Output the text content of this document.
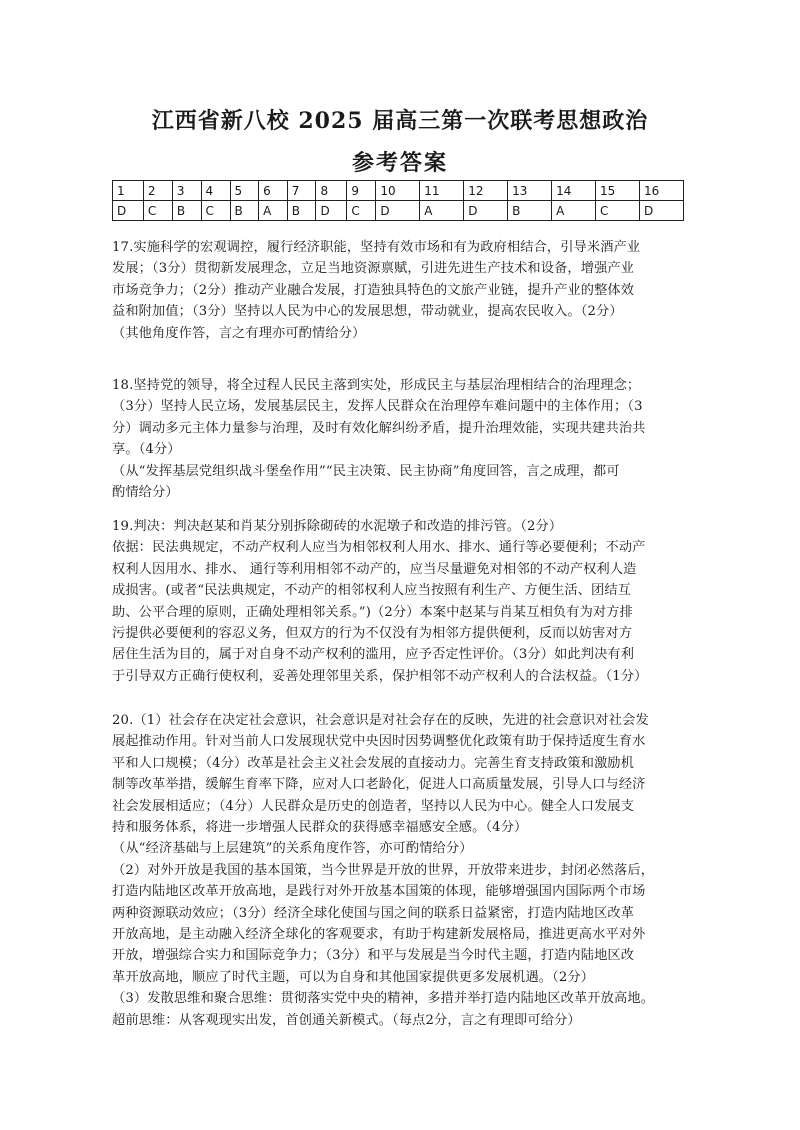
江西省新八校 2025 届高三第一次联考思想政治
参考答案
1	2	3	4	5	6	7	8	9	10	11	12	13	14	15	16
D	C	B	C	B	A	B	D	C	D	A	D	B	A	C	D

17.实施科学的宏观调控，履行经济职能，坚持有效市场和有为政府相结合，引导米酒产业

发展；（3分）贯彻新发展理念，立足当地资源禀赋，引进先进生产技术和设备，增强产业

市场竞争力；（2分）推动产业融合发展，打造独具特色的文旅产业链，提升产业的整体效

益和附加值；（3分）坚持以人民为中心的发展思想，带动就业，提高农民收入。（2分）

（其他角度作答，言之有理亦可酌情给分）

18.坚持党的领导，将全过程人民民主落到实处，形成民主与基层治理相结合的治理理念；

（3分）坚持人民立场，发展基层民主，发挥人民群众在治理停车难问题中的主体作用；（3

分）调动多元主体力量参与治理，及时有效化解纠纷矛盾，提升治理效能，实现共建共治共

享。（4分）

（从“发挥基层党组织战斗堡垒作用”“民主决策、民主协商”角度回答，言之成理，都可

酌情给分）

19.判决：判决赵某和肖某分别拆除砌砖的水泥墩子和改造的排污管。（2分）

依据：民法典规定，不动产权利人应当为相邻权利人用水、排水、通行等必要便利；不动产

权利人因用水、排水、 通行等利用相邻不动产的，应当尽量避免对相邻的不动产权利人造

成损害。(或者“民法典规定，不动产的相邻权利人应当按照有利生产、方便生活、团结互

助、公平合理的原则，正确处理相邻关系。”)（2分）本案中赵某与肖某互相负有为对方排

污提供必要便利的容忍义务，但双方的行为不仅没有为相邻方提供便利，反而以妨害对方

居住生活为目的，属于对自身不动产权利的滥用，应予否定性评价。（3分）如此判决有利

于引导双方正确行使权利，妥善处理邻里关系，保护相邻不动产权利人的合法权益。（1分）

20.（1）社会存在决定社会意识，社会意识是对社会存在的反映，先进的社会意识对社会发

展起推动作用。针对当前人口发展现状党中央因时因势调整优化政策有助于保持适度生育水

平和人口规模；（4分）改革是社会主义社会发展的直接动力。完善生育支持政策和激励机

制等改革举措，缓解生育率下降，应对人口老龄化，促进人口高质量发展，引导人口与经济

社会发展相适应；（4分）人民群众是历史的创造者，坚持以人民为中心。健全人口发展支

持和服务体系，将进一步增强人民群众的获得感幸福感安全感。（4分）

（从“经济基础与上层建筑”的关系角度作答，亦可酌情给分）

（2）对外开放是我国的基本国策，当今世界是开放的世界，开放带来进步，封闭必然落后，

打造内陆地区改革开放高地，是践行对外开放基本国策的体现，能够增强国内国际两个市场

两种资源联动效应；（3分）经济全球化使国与国之间的联系日益紧密，打造内陆地区改革

开放高地，是主动融入经济全球化的客观要求，有助于构建新发展格局，推进更高水平对外

开放，增强综合实力和国际竞争力；（3分）和平与发展是当今时代主题，打造内陆地区改

革开放高地，顺应了时代主题，可以为自身和其他国家提供更多发展机遇。（2分）

（3）发散思维和聚合思维：贯彻落实党中央的精神，多措并举打造内陆地区改革开放高地。

超前思维：从客观现实出发，首创通关新模式。（每点2分，言之有理即可给分）
